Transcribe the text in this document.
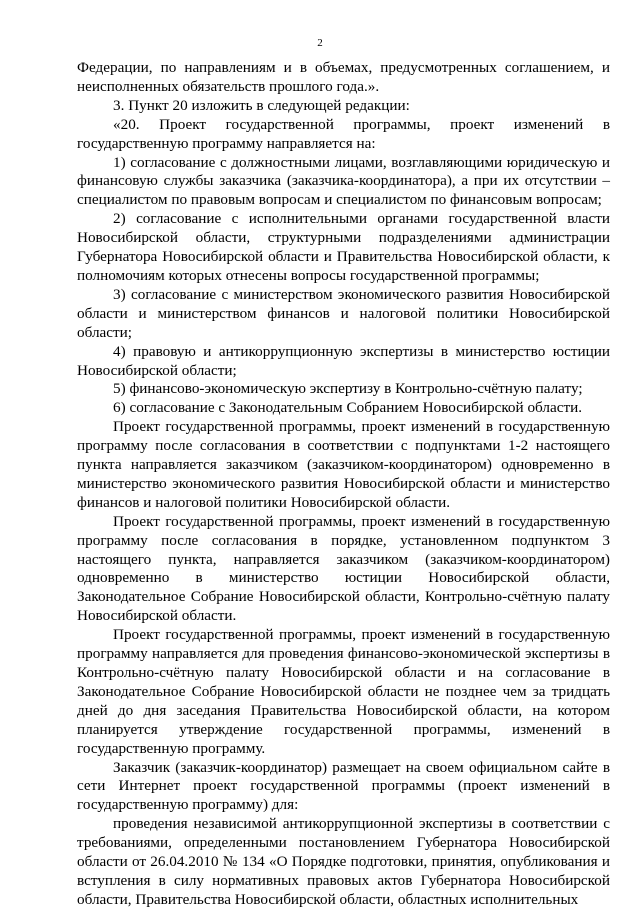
2

Федерации, по направлениям и в объемах, предусмотренных соглашением, и неисполненных обязательств прошлого года.».

3. Пункт 20 изложить в следующей редакции:

«20. Проект государственной программы, проект изменений в государственную программу направляется на:

1) согласование с должностными лицами, возглавляющими юридическую и финансовую службы заказчика (заказчика-координатора), а при их отсутствии – специалистом по правовым вопросам и специалистом по финансовым вопросам;

2) согласование с исполнительными органами государственной власти Новосибирской области, структурными подразделениями администрации Губернатора Новосибирской области и Правительства Новосибирской области, к полномочиям которых отнесены вопросы государственной программы;

3) согласование с министерством экономического развития Новосибирской области и министерством финансов и налоговой политики Новосибирской области;

4) правовую и антикоррупционную экспертизы в министерство юстиции Новосибирской области;

5) финансово-экономическую экспертизу в Контрольно-счётную палату;

6) согласование с Законодательным Собранием Новосибирской области.

Проект государственной программы, проект изменений в государственную программу после согласования в соответствии с подпунктами 1-2 настоящего пункта направляется заказчиком (заказчиком-координатором) одновременно в министерство экономического развития Новосибирской области и министерство финансов и налоговой политики Новосибирской области.

Проект государственной программы, проект изменений в государственную программу после согласования в порядке, установленном подпунктом 3 настоящего пункта, направляется заказчиком (заказчиком-координатором) одновременно в министерство юстиции Новосибирской области, Законодательное Собрание Новосибирской области, Контрольно-счётную палату Новосибирской области.

Проект государственной программы, проект изменений в государственную программу направляется для проведения финансово-экономической экспертизы в Контрольно-счётную палату Новосибирской области и на согласование в Законодательное Собрание Новосибирской области не позднее чем за тридцать дней до дня заседания Правительства Новосибирской области, на котором планируется утверждение государственной программы, изменений в государственную программу.

Заказчик (заказчик-координатор) размещает на своем официальном сайте в сети Интернет проект государственной программы (проект изменений в государственную программу) для:

проведения независимой антикоррупционной экспертизы в соответствии с требованиями, определенными постановлением Губернатора Новосибирской области от 26.04.2010 № 134 «О Порядке подготовки, принятия, опубликования и вступления в силу нормативных правовых актов Губернатора Новосибирской области, Правительства Новосибирской области, областных исполнительных
